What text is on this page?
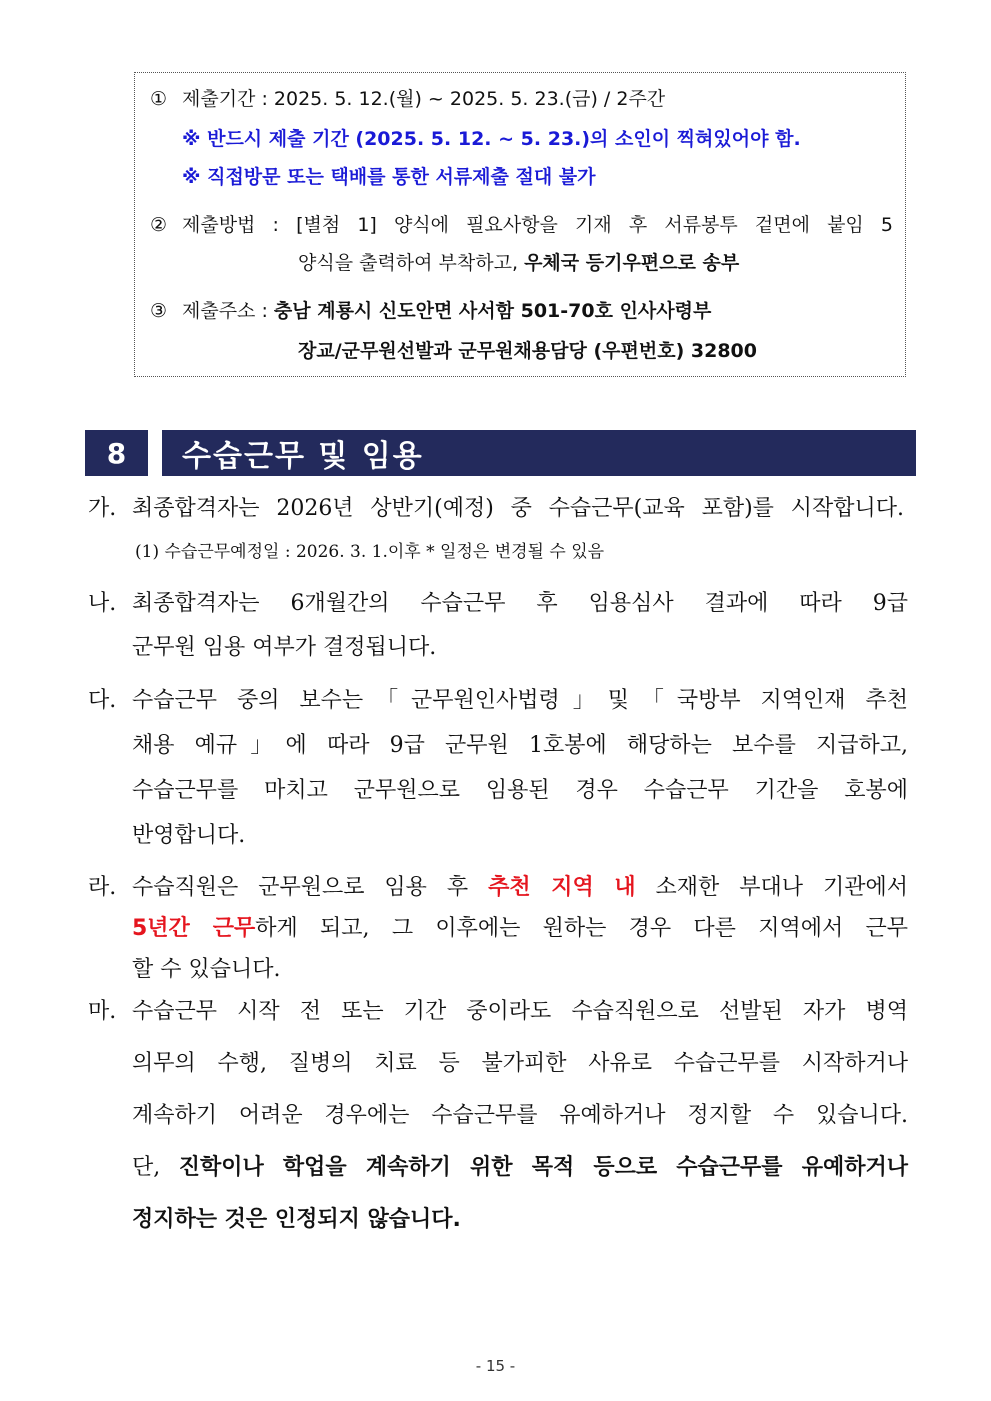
① 제출기간 : 2025. 5. 12.(월) ~ 2025. 5. 23.(금) / 2주간
※ 반드시 제출 기간 (2025. 5. 12. ~ 5. 23.)의 소인이 찍혀있어야 함.
※ 직접방문 또는 택배를 통한 서류제출 절대 불가
② 제출방법 : [별첨 1] 양식에 필요사항을 기재 후 서류봉투 겉면에 붙임 5
양식을 출력하여 부착하고, 우체국 등기우편으로 송부
③ 제출주소 : 충남 계룡시 신도안면 사서함 501-70호 인사사령부
장교/군무원선발과 군무원채용담당 (우편번호) 32800
8	수습근무 및 임용
가. 최종합격자는 2026년 상반기(예정) 중 수습근무(교육 포함)를 시작합니다.
(1) 수습근무예정일 : 2026. 3. 1.이후 * 일정은 변경될 수 있음
나. 최종합격자는 6개월간의 수습근무 후 임용심사 결과에 따라 9급
군무원 임용 여부가 결정됩니다.
다. 수습근무 중의 보수는「군무원인사법령」및「국방부 지역인재 추천
채용 예규」에 따라 9급 군무원 1호봉에 해당하는 보수를 지급하고,
수습근무를 마치고 군무원으로 임용된 경우 수습근무 기간을 호봉에
반영합니다.
라. 수습직원은 군무원으로 임용 후 추천 지역 내 소재한 부대나 기관에서
5년간 근무하게 되고, 그 이후에는 원하는 경우 다른 지역에서 근무
할 수 있습니다.
마. 수습근무 시작 전 또는 기간 중이라도 수습직원으로 선발된 자가 병역
의무의 수행, 질병의 치료 등 불가피한 사유로 수습근무를 시작하거나
계속하기 어려운 경우에는 수습근무를 유예하거나 정지할 수 있습니다.
단, 진학이나 학업을 계속하기 위한 목적 등으로 수습근무를 유예하거나
정지하는 것은 인정되지 않습니다.
- 15 -
